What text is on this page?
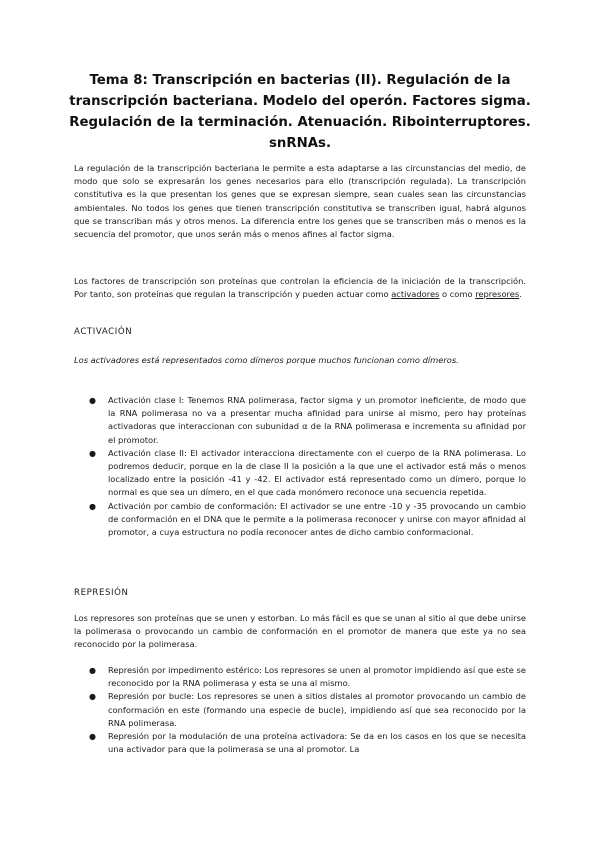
Tema 8: Transcripción en bacterias (II). Regulación de la
transcripción bacteriana. Modelo del operón. Factores sigma.
Regulación de la terminación. Atenuación. Ribointerruptores.
snRNAs.

La regulación de la transcripción bacteriana le permite a esta adaptarse a las circunstancias del medio, de modo que solo se expresarán los genes necesarios para ello (transcripción regulada). La transcripción constitutiva es la que presentan los genes que se expresan siempre, sean cuales sean las circunstancias ambientales. No todos los genes que tienen transcripción constitutiva se transcriben igual, habrá algunos que se transcriban más y otros menos. La diferencia entre los genes que se transcriben más o menos es la secuencia del promotor, que unos serán más o menos afines al factor sigma.

Los factores de transcripción son proteínas que controlan la eficiencia de la iniciación de la transcripción. Por tanto, son proteínas que regulan la transcripción y pueden actuar como activadores o como represores.

ACTIVACIÓN
Los activadores está representados como dímeros porque muchos funcionan como dímeros.
● Activación clase I: Tenemos RNA polimerasa, factor sigma y un promotor ineficiente, de modo que la RNA polimerasa no va a presentar mucha afinidad para unirse al mismo, pero hay proteínas activadoras que interaccionan con subunidad α de la RNA polimerasa e incrementa su afinidad por el promotor.
● Activación clase II: El activador interacciona directamente con el cuerpo de la RNA polimerasa. Lo podremos deducir, porque en la de clase II la posición a la que une el activador está más o menos localizado entre la posición -41 y -42. El activador está representado como un dímero, porque lo normal es que sea un dímero, en el que cada monómero reconoce una secuencia repetida.
● Activación por cambio de conformación: El activador se une entre -10 y -35 provocando un cambio de conformación en el DNA que le permite a la polimerasa reconocer y unirse con mayor afinidad al promotor, a cuya estructura no podía reconocer antes de dicho cambio conformacional.
REPRESIÓN
Los represores son proteínas que se unen y estorban. Lo más fácil es que se unan al sitio al que debe unirse la polimerasa o provocando un cambio de conformación en el promotor de manera que este ya no sea reconocido por la polimerasa.
● Represión por impedimento estérico: Los represores se unen al promotor impidiendo así que este se reconocido por la RNA polimerasa y esta se una al mismo.
● Represión por bucle: Los represores se unen a sitios distales al promotor provocando un cambio de conformación en este (formando una especie de bucle), impidiendo así que sea reconocido por la RNA polimerasa.
● Represión por la modulación de una proteína activadora: Se da en los casos en los que se necesita una activador para que la polimerasa se una al promotor. La
